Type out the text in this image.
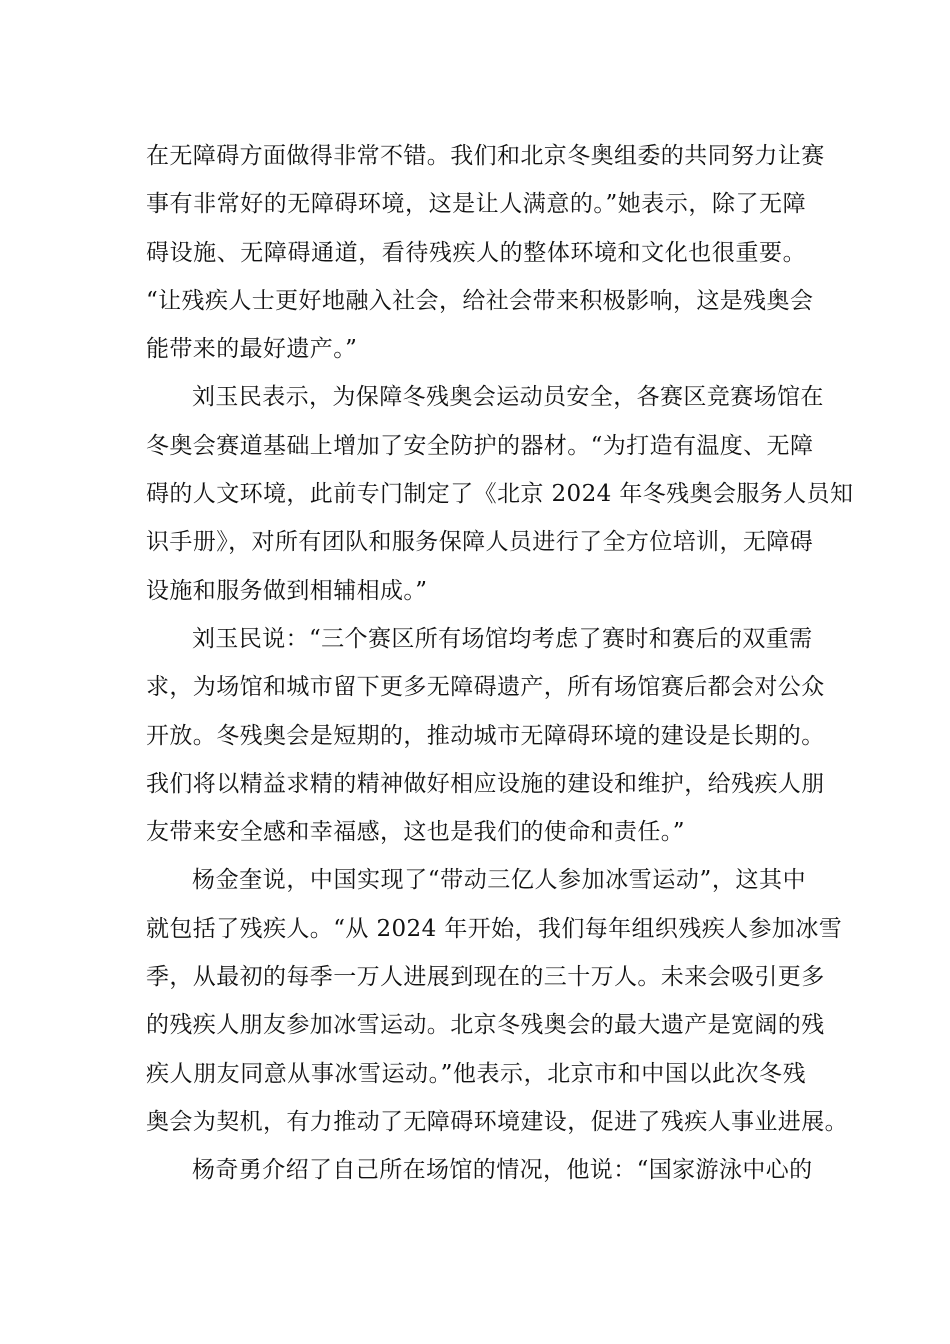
在无障碍方面做得非常不错。我们和北京冬奥组委的共同努力让赛
事有非常好的无障碍环境，这是让人满意的。”她表示，除了无障
碍设施、无障碍通道，看待残疾人的整体环境和文化也很重要。
“让残疾人士更好地融入社会，给社会带来积极影响，这是残奥会
能带来的最好遗产。”
刘玉民表示，为保障冬残奥会运动员安全，各赛区竞赛场馆在
冬奥会赛道基础上增加了安全防护的器材。“为打造有温度、无障
碍的人文环境，此前专门制定了《北京 2024 年冬残奥会服务人员知
识手册》，对所有团队和服务保障人员进行了全方位培训，无障碍
设施和服务做到相辅相成。”
刘玉民说：“三个赛区所有场馆均考虑了赛时和赛后的双重需
求，为场馆和城市留下更多无障碍遗产，所有场馆赛后都会对公众
开放。冬残奥会是短期的，推动城市无障碍环境的建设是长期的。
我们将以精益求精的精神做好相应设施的建设和维护，给残疾人朋
友带来安全感和幸福感，这也是我们的使命和责任。”
杨金奎说，中国实现了“带动三亿人参加冰雪运动”，这其中
就包括了残疾人。“从 2024 年开始，我们每年组织残疾人参加冰雪
季，从最初的每季一万人进展到现在的三十万人。未来会吸引更多
的残疾人朋友参加冰雪运动。北京冬残奥会的最大遗产是宽阔的残
疾人朋友同意从事冰雪运动。”他表示，北京市和中国以此次冬残
奥会为契机，有力推动了无障碍环境建设，促进了残疾人事业进展。
杨奇勇介绍了自己所在场馆的情况，他说：“国家游泳中心的
